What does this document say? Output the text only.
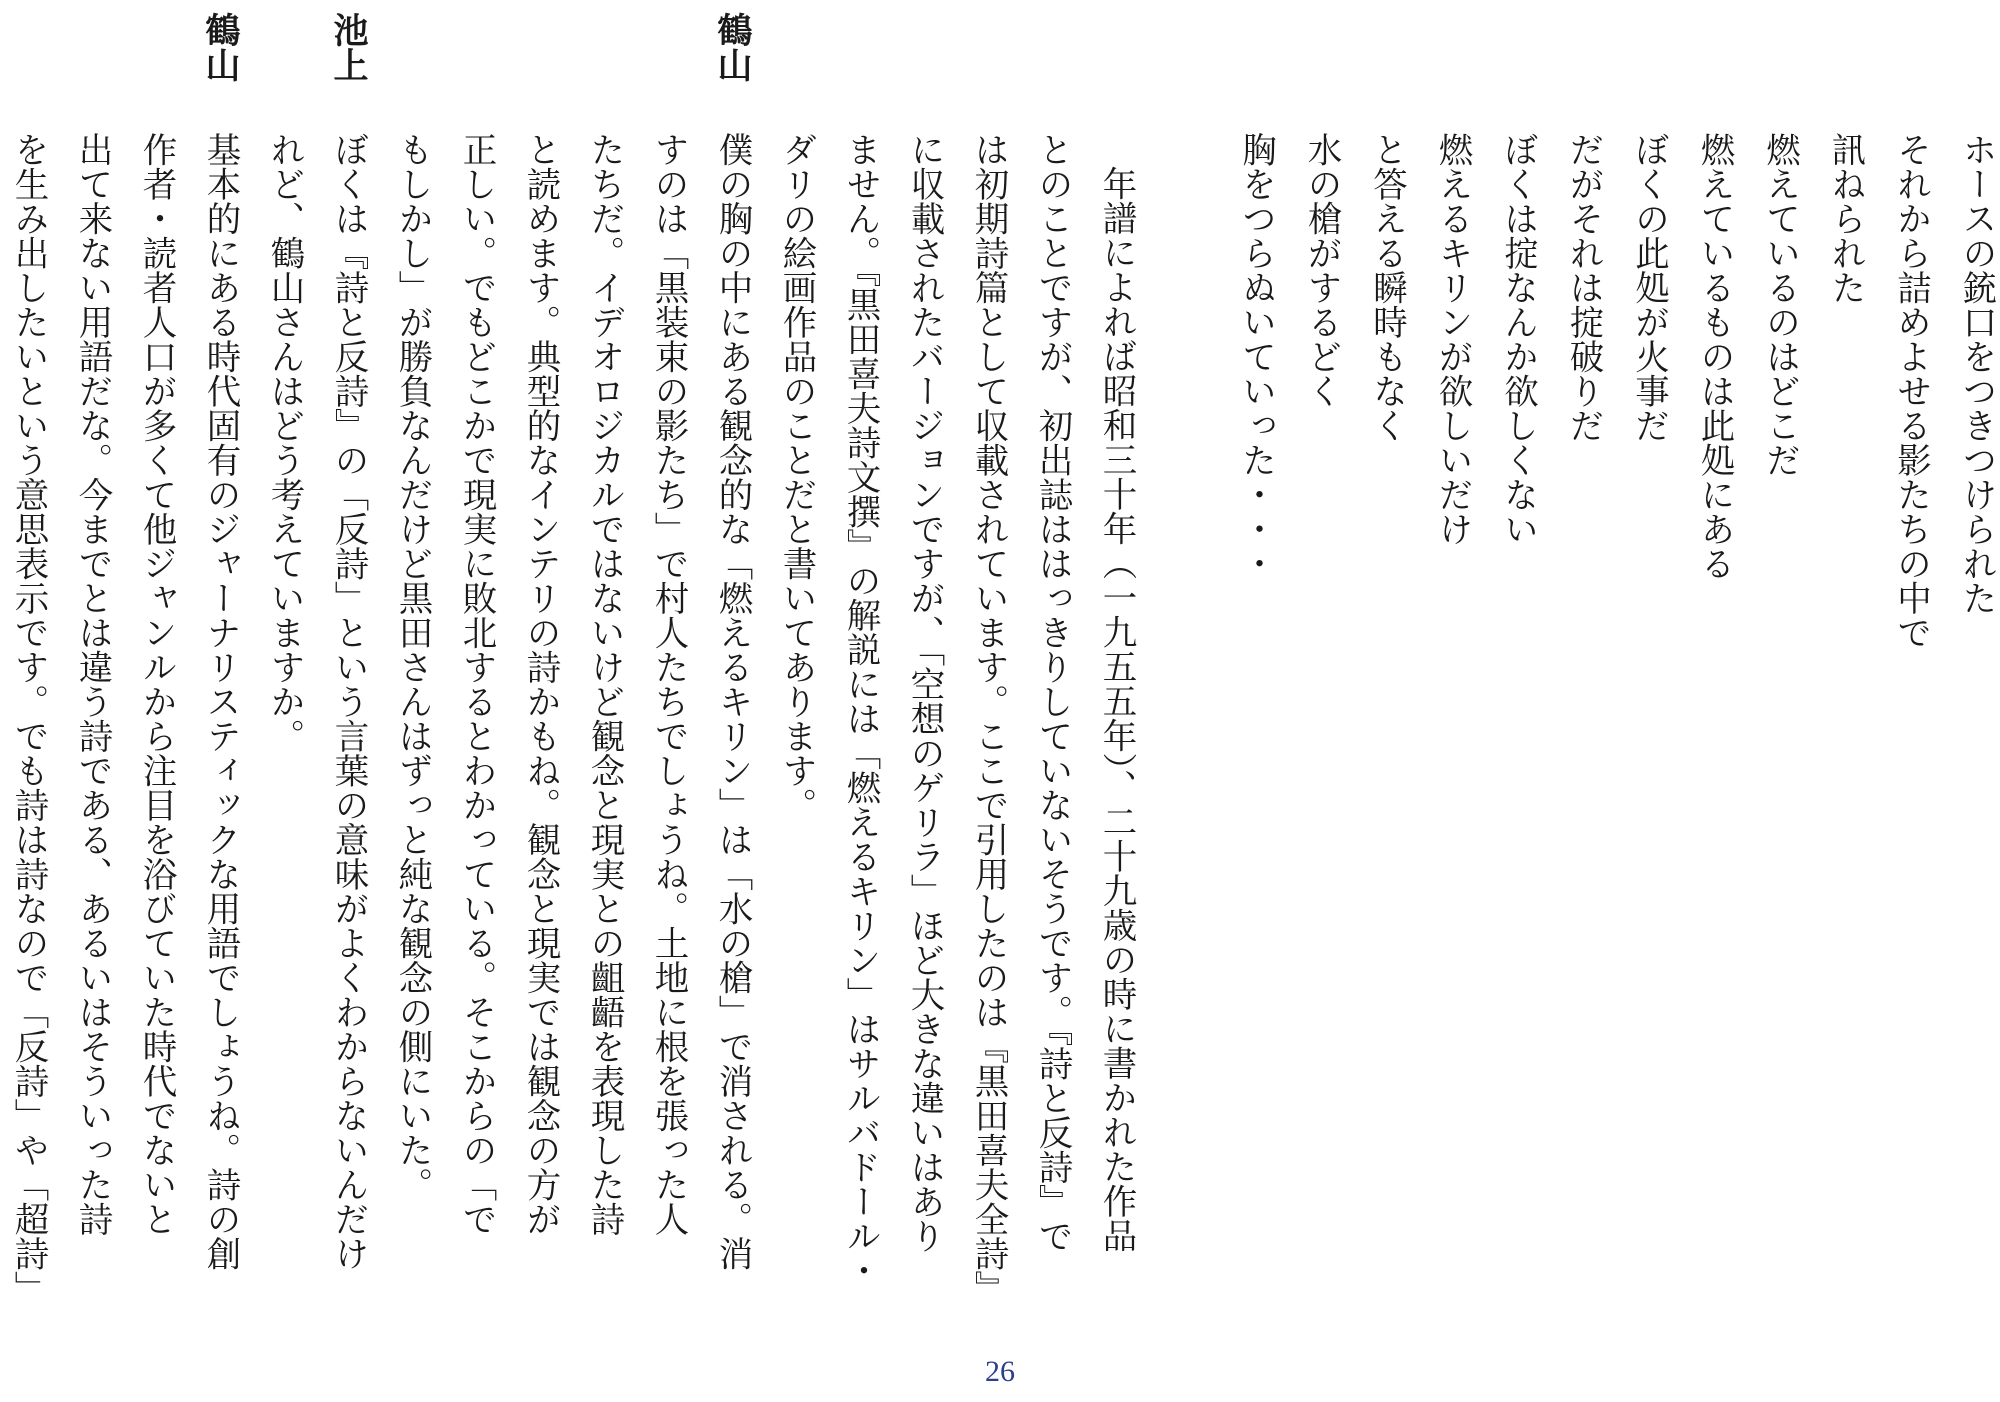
ホースの銃口をつきつけられた
それから詰めよせる影たちの中で
訊ねられた
燃えているのはどこだ
燃えているものは此処にある
ぼくの此処が火事だ
だがそれは掟破りだ
ぼくは掟なんか欲しくない
燃えるキリンが欲しいだけ
と答える瞬時もなく
水の槍がするどく
胸をつらぬいていった・・・
年譜によれば昭和三十年（一九五五年）、二十九歳の時に書かれた作品
とのことですが、初出誌ははっきりしていないそうです。『詩と反詩』で
は初期詩篇として収載されています。ここで引用したのは『黒田喜夫全詩』
に収載されたバージョンですが、「空想のゲリラ」ほど大きな違いはあり
ません。『黒田喜夫詩文撰』の解説には「燃えるキリン」はサルバドール・
ダリの絵画作品のことだと書いてあります。
僕の胸の中にある観念的な「燃えるキリン」は「水の槍」で消される。消
鶴山
すのは「黒装束の影たち」で村人たちでしょうね。土地に根を張った人
たちだ。イデオロジカルではないけど観念と現実との齟齬を表現した詩
と読めます。典型的なインテリの詩かもね。観念と現実では観念の方が
正しい。でもどこかで現実に敗北するとわかっている。そこからの「で
もしかし」が勝負なんだけど黒田さんはずっと純な観念の側にいた。
ぼくは『詩と反詩』の「反詩」という言葉の意味がよくわからないんだけ
池上
れど、鶴山さんはどう考えていますか。
基本的にある時代固有のジャーナリスティックな用語でしょうね。詩の創
鶴山
作者・読者人口が多くて他ジャンルから注目を浴びていた時代でないと
出て来ない用語だな。今までとは違う詩である、あるいはそういった詩
を生み出したいという意思表示です。でも詩は詩なので「反詩」や「超詩」
26
